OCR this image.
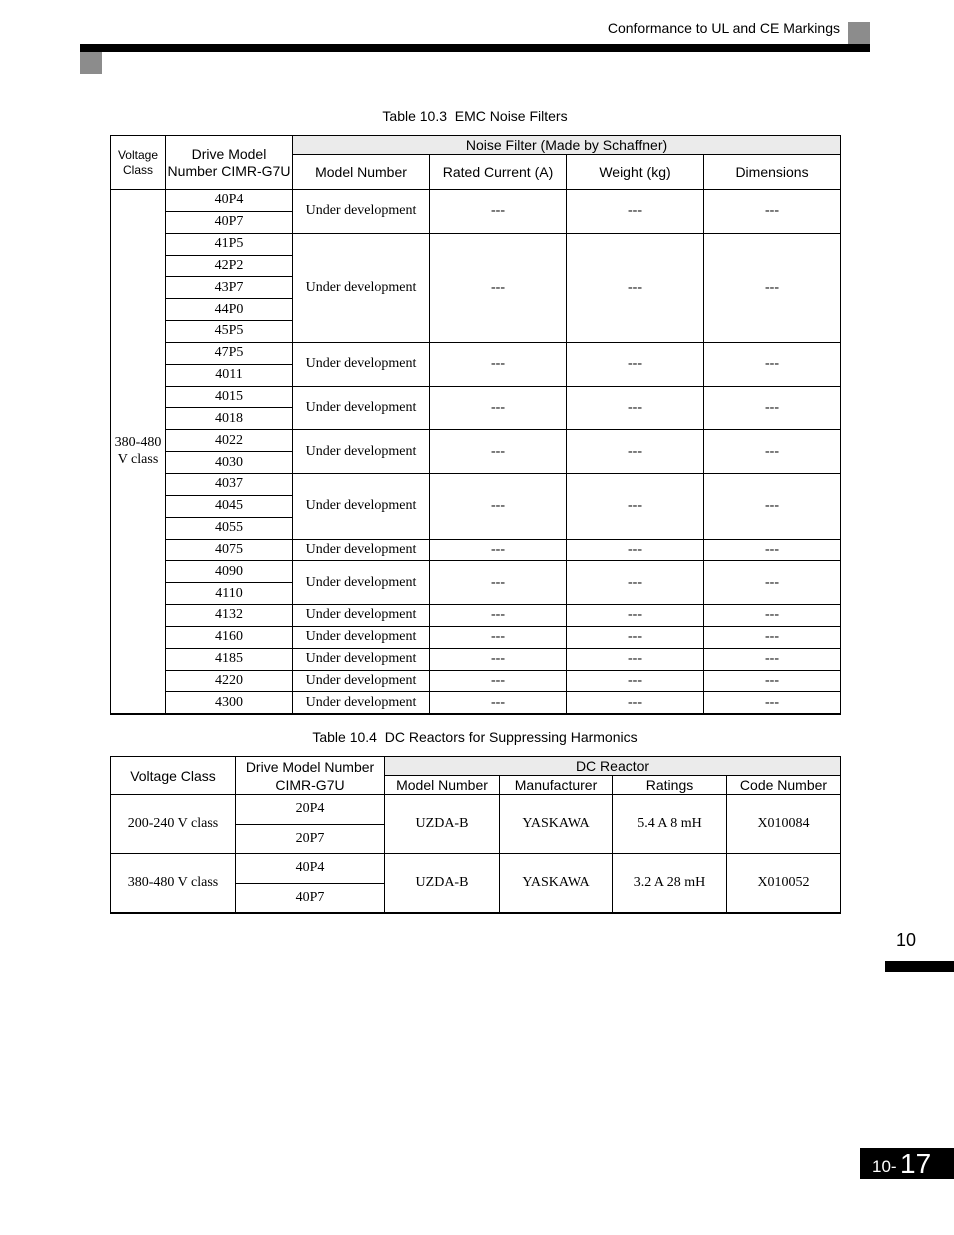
Conformance to UL and CE Markings
Table 10.3  EMC Noise Filters
Voltage Class	Drive Model Number CIMR-G7U	Noise Filter (Made by Schaffner)			
		Model Number	Rated Current (A)	Weight (kg)	Dimensions
380-480 V class	40P4	Under development	---	---	---
	40P7				
	41P5	Under development	---	---	---
	42P2				
	43P7				
	44P0				
	45P5				
	47P5	Under development	---	---	---
	4011				
	4015	Under development	---	---	---
	4018				
	4022	Under development	---	---	---
	4030				
	4037	Under development	---	---	---
	4045				
	4055				
	4075	Under development	---	---	---
	4090	Under development	---	---	---
	4110				
	4132	Under development	---	---	---
	4160	Under development	---	---	---
	4185	Under development	---	---	---
	4220	Under development	---	---	---
	4300	Under development	---	---	---
Table 10.4  DC Reactors for Suppressing Harmonics
Voltage Class	Drive Model Number CIMR-G7U	DC Reactor			
		Model Number	Manufacturer	Ratings	Code Number
200-240 V class	20P4	UZDA-B	YASKAWA	5.4 A 8 mH	X010084
	20P7				
380-480 V class	40P4	UZDA-B	YASKAWA	3.2 A 28 mH	X010052
	40P7				
10
10- 17
